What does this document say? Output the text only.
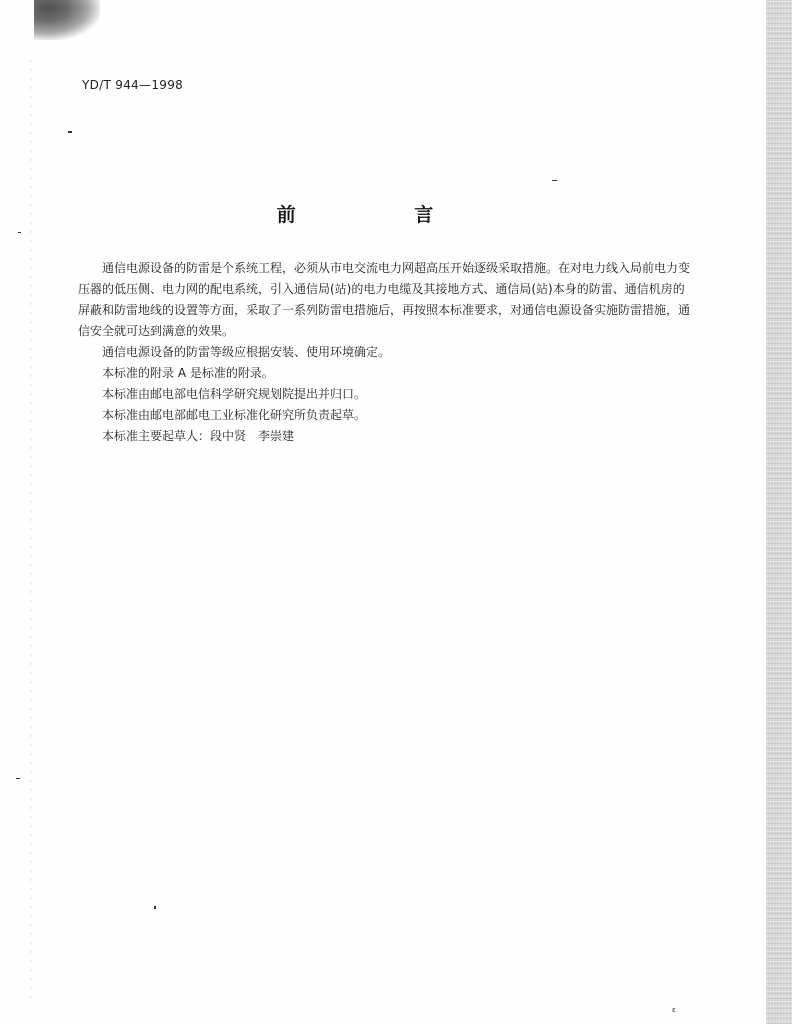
YD/T 944—1998
前 言

通信电源设备的防雷是个系统工程，必须从市电交流电力网超高压开始逐级采取措施。在对电力线入局前电力变压器的低压侧、电力网的配电系统，引入通信局(站)的电力电缆及其接地方式、通信局(站)本身的防雷、通信机房的屏蔽和防雷地线的设置等方面，采取了一系列防雷电措施后，再按照本标准要求，对通信电源设备实施防雷措施，通信安全就可达到满意的效果。

通信电源设备的防雷等级应根据安装、使用环境确定。

本标准的附录 A 是标准的附录。

本标准由邮电部电信科学研究规划院提出并归口。

本标准由邮电部邮电工业标准化研究所负责起草。

本标准主要起草人：段中贤　李崇建

ε
